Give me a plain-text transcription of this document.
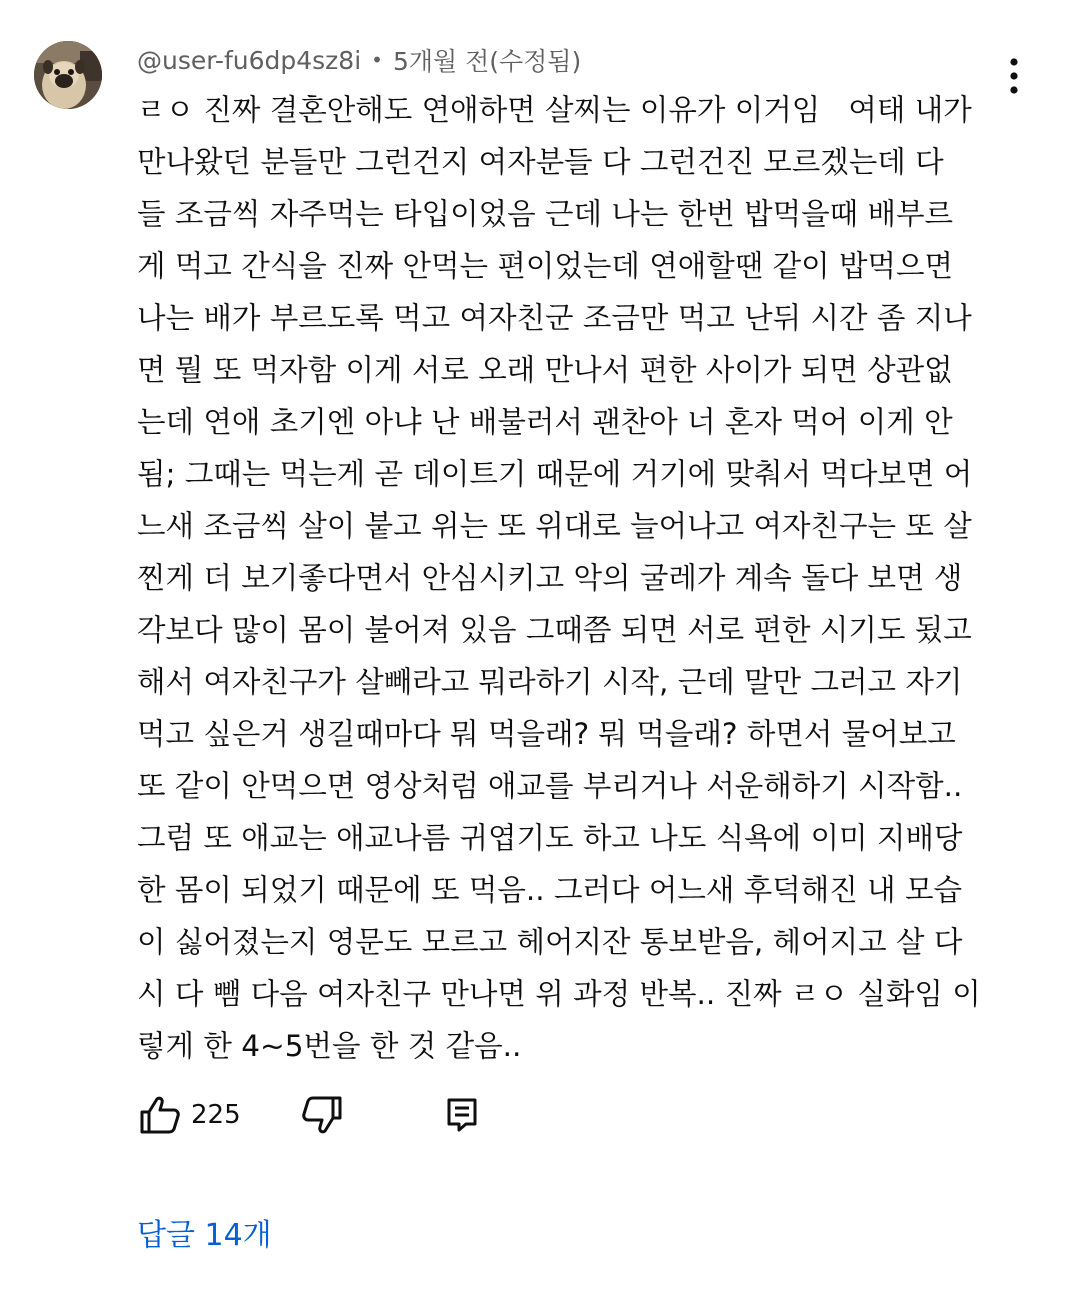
@user-fu6dp4sz8i • 5개월 전(수정됨)
ㄹㅇ 진짜 결혼안해도 연애하면 살찌는 이유가 이거임   여태 내가
만나왔던 분들만 그런건지 여자분들 다 그런건진 모르겠는데 다
들 조금씩 자주먹는 타입이었음 근데 나는 한번 밥먹을때 배부르
게 먹고 간식을 진짜 안먹는 편이었는데 연애할땐 같이 밥먹으면
나는 배가 부르도록 먹고 여자친군 조금만 먹고 난뒤 시간 좀 지나
면 뭘 또 먹자함 이게 서로 오래 만나서 편한 사이가 되면 상관없
는데 연애 초기엔 아냐 난 배불러서 괜찬아 너 혼자 먹어 이게 안
됨; 그때는 먹는게 곧 데이트기 때문에 거기에 맞춰서 먹다보면 어
느새 조금씩 살이 붙고 위는 또 위대로 늘어나고 여자친구는 또 살
찐게 더 보기좋다면서 안심시키고 악의 굴레가 계속 돌다 보면 생
각보다 많이 몸이 불어져 있음 그때쯤 되면 서로 편한 시기도 됬고
해서 여자친구가 살빼라고 뭐라하기 시작, 근데 말만 그러고 자기
먹고 싶은거 생길때마다 뭐 먹을래? 뭐 먹을래? 하면서 물어보고
또 같이 안먹으면 영상처럼 애교를 부리거나 서운해하기 시작함..
그럼 또 애교는 애교나름 귀엽기도 하고 나도 식욕에 이미 지배당
한 몸이 되었기 때문에 또 먹음.. 그러다 어느새 후덕해진 내 모습
이 싫어졌는지 영문도 모르고 헤어지잔 통보받음, 헤어지고 살 다
시 다 뺌 다음 여자친구 만나면 위 과정 반복.. 진짜 ㄹㅇ 실화임 이
렇게 한 4~5번을 한 것 같음..
225
답글 14개
